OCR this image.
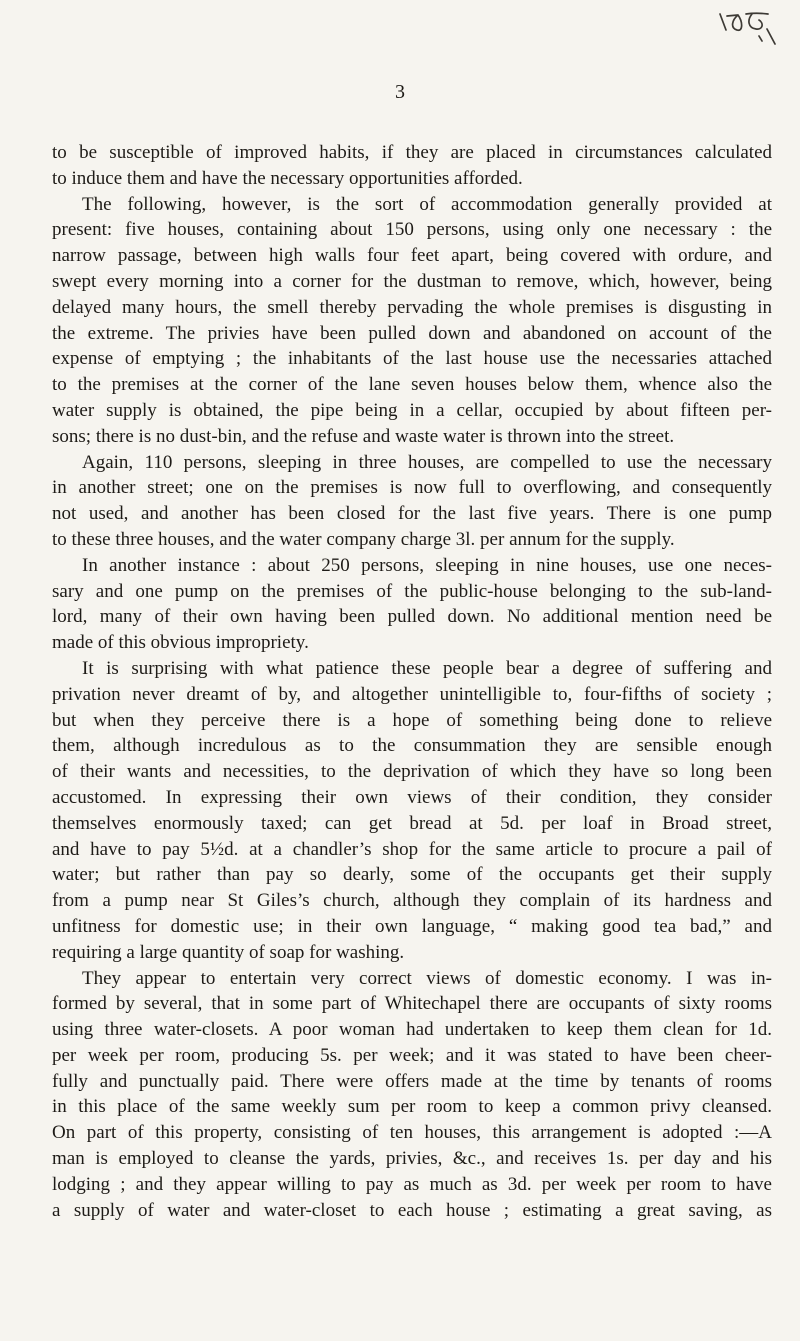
3
to be susceptible of improved habits, if they are placed in circumstances calculated
to induce them and have the necessary opportunities afforded.
The following, however, is the sort of accommodation generally provided at
present: five houses, containing about 150 persons, using only one necessary : the
narrow passage, between high walls four feet apart, being covered with ordure, and
swept every morning into a corner for the dustman to remove, which, however, being
delayed many hours, the smell thereby pervading the whole premises is disgusting in
the extreme. The privies have been pulled down and abandoned on account of the
expense of emptying ; the inhabitants of the last house use the necessaries attached
to the premises at the corner of the lane seven houses below them, whence also the
water supply is obtained, the pipe being in a cellar, occupied by about fifteen per-
sons; there is no dust-bin, and the refuse and waste water is thrown into the street.
Again, 110 persons, sleeping in three houses, are compelled to use the necessary
in another street; one on the premises is now full to overflowing, and consequently
not used, and another has been closed for the last five years. There is one pump
to these three houses, and the water company charge 3l. per annum for the supply.
In another instance : about 250 persons, sleeping in nine houses, use one neces-
sary and one pump on the premises of the public-house belonging to the sub-land-
lord, many of their own having been pulled down. No additional mention need be
made of this obvious impropriety.
It is surprising with what patience these people bear a degree of suffering and
privation never dreamt of by, and altogether unintelligible to, four-fifths of society ;
but when they perceive there is a hope of something being done to relieve
them, although incredulous as to the consummation they are sensible enough
of their wants and necessities, to the deprivation of which they have so long been
accustomed. In expressing their own views of their condition, they consider
themselves enormously taxed; can get bread at 5d. per loaf in Broad street,
and have to pay 5½d. at a chandler’s shop for the same article to procure a pail of
water; but rather than pay so dearly, some of the occupants get their supply
from a pump near St Giles’s church, although they complain of its hardness and
unfitness for domestic use; in their own language, “ making good tea bad,” and
requiring a large quantity of soap for washing.
They appear to entertain very correct views of domestic economy. I was in-
formed by several, that in some part of Whitechapel there are occupants of sixty rooms
using three water-closets. A poor woman had undertaken to keep them clean for 1d.
per week per room, producing 5s. per week; and it was stated to have been cheer-
fully and punctually paid. There were offers made at the time by tenants of rooms
in this place of the same weekly sum per room to keep a common privy cleansed.
On part of this property, consisting of ten houses, this arrangement is adopted :—A
man is employed to cleanse the yards, privies, &c., and receives 1s. per day and his
lodging ; and they appear willing to pay as much as 3d. per week per room to have
a supply of water and water-closet to each house ; estimating a great saving, as
